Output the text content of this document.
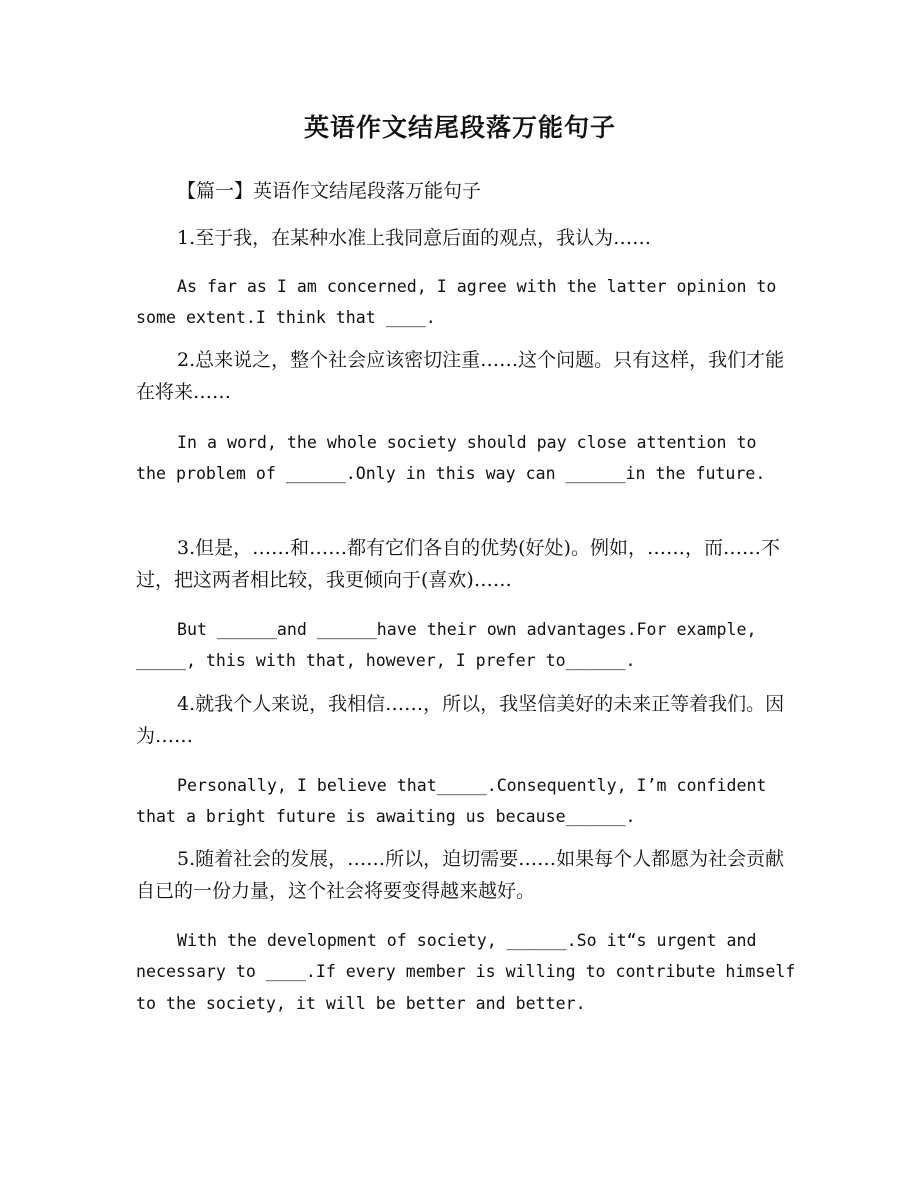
英语作文结尾段落万能句子
【篇一】英语作文结尾段落万能句子
1.至于我，在某种水准上我同意后面的观点，我认为……
As far as I am concerned, I agree with the latter opinion to some extent.I think that ____.
2.总来说之，整个社会应该密切注重……这个问题。只有这样，我们才能在将来……
In a word, the whole society should pay close attention to the problem of ______.Only in this way can ______in the future.
3.但是，……和……都有它们各自的优势(好处)。例如，……，而……不过，把这两者相比较，我更倾向于(喜欢)……
But ______and ______have their own advantages.For example, _____, this with that, however, I prefer to______.
4.就我个人来说，我相信……，所以，我坚信美好的未来正等着我们。因为……
Personally, I believe that_____.Consequently, I’m confident that a bright future is awaiting us because______.
5.随着社会的发展，……所以，迫切需要……如果每个人都愿为社会贡献自已的一份力量，这个社会将要变得越来越好。
With the development of society, ______.So it“s urgent and necessary to ____.If every member is willing to contribute himself to the society, it will be better and better.
